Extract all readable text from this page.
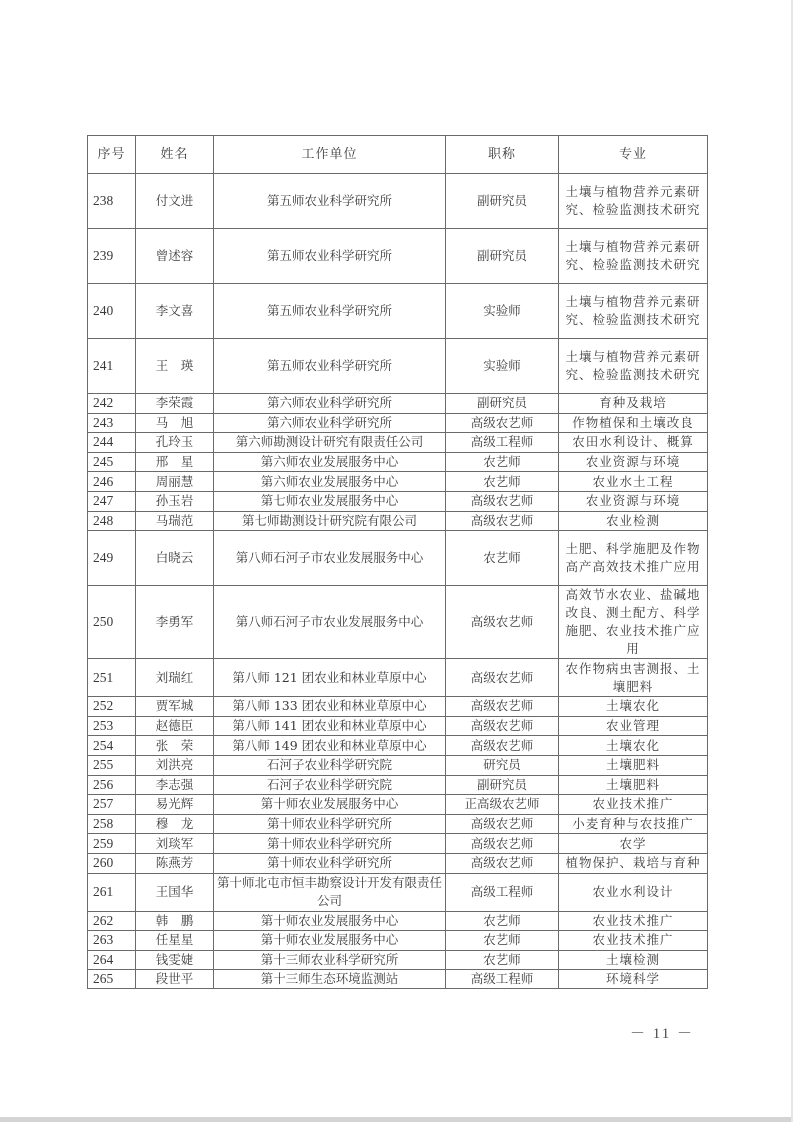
序号	姓名	工作单位	职称	专业
238	付文进	第五师农业科学研究所	副研究员	土壤与植物营养元素研究、检验监测技术研究
239	曾述容	第五师农业科学研究所	副研究员	土壤与植物营养元素研究、检验监测技术研究
240	李文喜	第五师农业科学研究所	实验师	土壤与植物营养元素研究、检验监测技术研究
241	王　瑛	第五师农业科学研究所	实验师	土壤与植物营养元素研究、检验监测技术研究
242	李荣霞	第六师农业科学研究所	副研究员	育种及栽培
243	马　旭	第六师农业科学研究所	高级农艺师	作物植保和土壤改良
244	孔玲玉	第六师勘测设计研究有限责任公司	高级工程师	农田水利设计、概算
245	邢　星	第六师农业发展服务中心	农艺师	农业资源与环境
246	周丽慧	第六师农业发展服务中心	农艺师	农业水土工程
247	孙玉岩	第七师农业发展服务中心	高级农艺师	农业资源与环境
248	马瑞范	第七师勘测设计研究院有限公司	高级农艺师	农业检测
249	白晓云	第八师石河子市农业发展服务中心	农艺师	土肥、科学施肥及作物高产高效技术推广应用
250	李勇军	第八师石河子市农业发展服务中心	高级农艺师	高效节水农业、盐碱地改良、测土配方、科学施肥、农业技术推广应用
251	刘瑞红	第八师 121 团农业和林业草原中心	高级农艺师	农作物病虫害测报、土壤肥料
252	贾军城	第八师 133 团农业和林业草原中心	高级农艺师	土壤农化
253	赵德臣	第八师 141 团农业和林业草原中心	高级农艺师	农业管理
254	张　荣	第八师 149 团农业和林业草原中心	高级农艺师	土壤农化
255	刘洪亮	石河子农业科学研究院	研究员	土壤肥料
256	李志强	石河子农业科学研究院	副研究员	土壤肥料
257	易光辉	第十师农业发展服务中心	正高级农艺师	农业技术推广
258	穆　龙	第十师农业科学研究所	高级农艺师	小麦育种与农技推广
259	刘琰军	第十师农业科学研究所	高级农艺师	农学
260	陈燕芳	第十师农业科学研究所	高级农艺师	植物保护、栽培与育种
261	王国华	第十师北屯市恒丰勘察设计开发有限责任公司	高级工程师	农业水利设计
262	韩　鹏	第十师农业发展服务中心	农艺师	农业技术推广
263	任星星	第十师农业发展服务中心	农艺师	农业技术推广
264	钱雯婕	第十三师农业科学研究所	农艺师	土壤检测
265	段世平	第十三师生态环境监测站	高级工程师	环境科学
－ 11 －
